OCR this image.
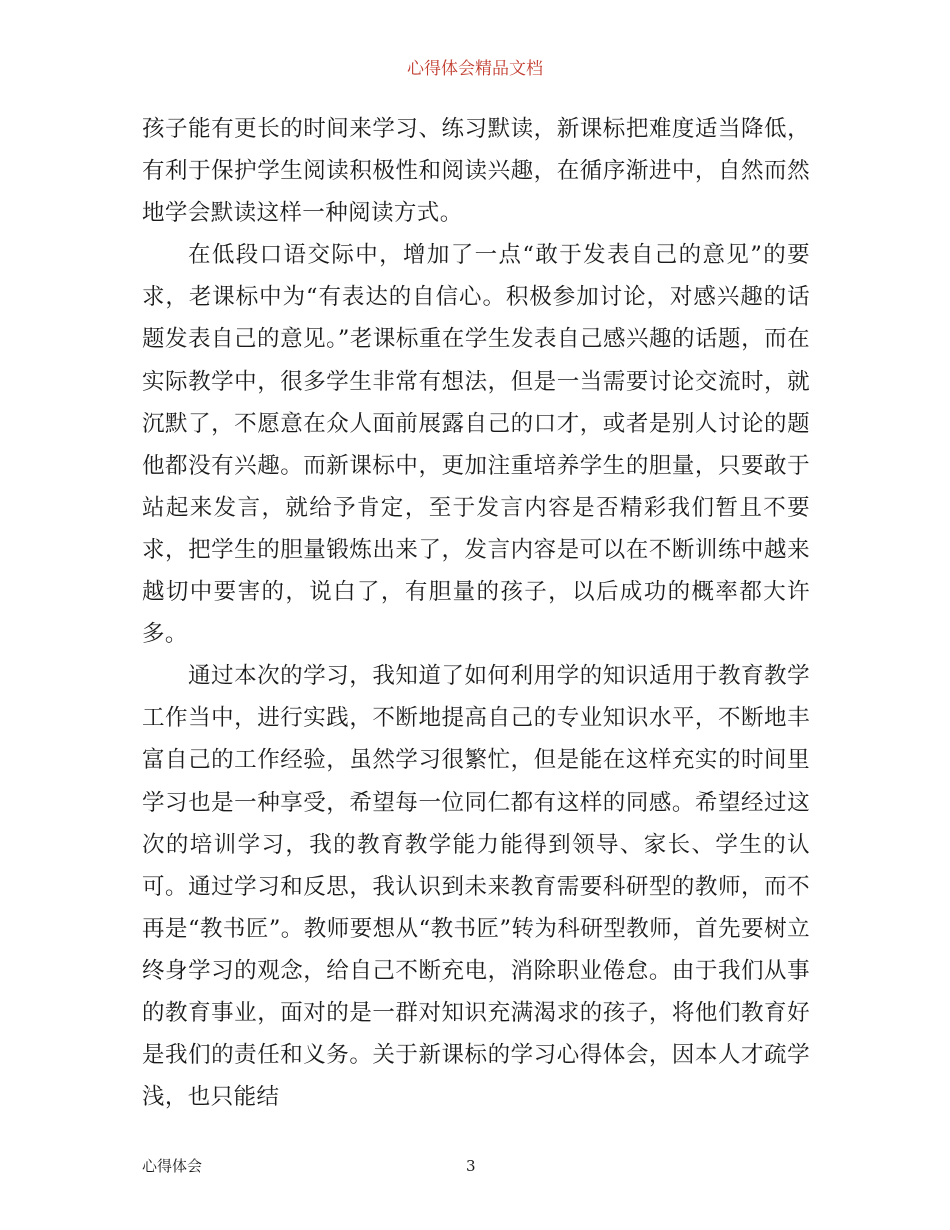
心得体会精品文档

孩子能有更长的时间来学习、练习默读，新课标把难度适当降低，有利于保护学生阅读积极性和阅读兴趣，在循序渐进中，自然而然地学会默读这样一种阅读方式。

在低段口语交际中，增加了一点“敢于发表自己的意见”的要求，老课标中为“有表达的自信心。积极参加讨论，对感兴趣的话题发表自己的意见。”老课标重在学生发表自己感兴趣的话题，而在实际教学中，很多学生非常有想法，但是一当需要讨论交流时，就沉默了，不愿意在众人面前展露自己的口才，或者是别人讨论的题他都没有兴趣。而新课标中，更加注重培养学生的胆量，只要敢于站起来发言，就给予肯定，至于发言内容是否精彩我们暂且不要求，把学生的胆量锻炼出来了，发言内容是可以在不断训练中越来越切中要害的，说白了，有胆量的孩子，以后成功的概率都大许多。

通过本次的学习，我知道了如何利用学的知识适用于教育教学工作当中，进行实践，不断地提高自己的专业知识水平，不断地丰富自己的工作经验，虽然学习很繁忙，但是能在这样充实的时间里学习也是一种享受，希望每一位同仁都有这样的同感。希望经过这次的培训学习，我的教育教学能力能得到领导、家长、学生的认可。通过学习和反思，我认识到未来教育需要科研型的教师，而不再是“教书匠”。教师要想从“教书匠”转为科研型教师，首先要树立终身学习的观念，给自己不断充电，消除职业倦怠。由于我们从事的教育事业，面对的是一群对知识充满渴求的孩子，将他们教育好是我们的责任和义务。关于新课标的学习心得体会，因本人才疏学浅，也只能结

心得体会	3
